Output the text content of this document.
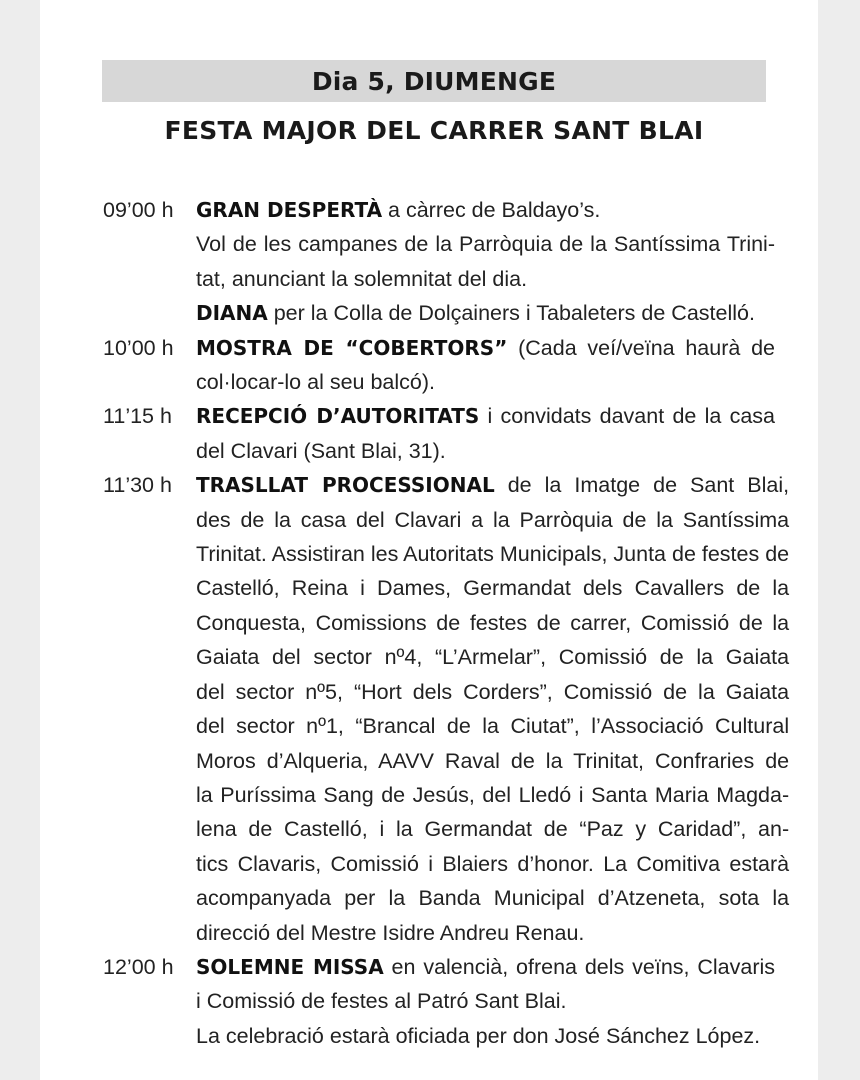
Dia 5, DIUMENGE
FESTA MAJOR DEL CARRER SANT BLAI
09’00 h	GRAN DESPERTÀ a càrrec de Baldayo’s.
Vol de les campanes de la Parròquia de la Santíssima Trini-
tat, anunciant la solemnitat del dia.
DIANA per la Colla de Dolçainers i Tabaleters de Castelló.
10’00 h	MOSTRA DE “COBERTORS” (Cada veí/veïna haurà de
col·locar-lo al seu balcó).
11’15 h	RECEPCIÓ D’AUTORITATS i convidats davant de la casa
del Clavari (Sant Blai, 31).
11’30 h	TRASLLAT PROCESSIONAL de la Imatge de Sant Blai,
des de la casa del Clavari a la Parròquia de la Santíssima
Trinitat. Assistiran les Autoritats Municipals, Junta de festes de
Castelló, Reina i Dames, Germandat dels Cavallers de la
Conquesta, Comissions de festes de carrer, Comissió de la
Gaiata del sector nº4, “L’Armelar”, Comissió de la Gaiata
del sector nº5, “Hort dels Corders”, Comissió de la Gaiata
del sector nº1, “Brancal de la Ciutat”, l’Associació Cultural
Moros d’Alqueria, AAVV Raval de la Trinitat, Confraries de
la Puríssima Sang de Jesús, del Lledó i Santa Maria Magda-
lena de Castelló, i la Germandat de “Paz y Caridad”, an-
tics Clavaris, Comissió i Blaiers d’honor. La Comitiva estarà
acompanyada per la Banda Municipal d’Atzeneta, sota la
direcció del Mestre Isidre Andreu Renau.
12’00 h	SOLEMNE MISSA en valencià, ofrena dels veïns, Clavaris
i Comissió de festes al Patró Sant Blai.
La celebració estarà oficiada per don José Sánchez López.
